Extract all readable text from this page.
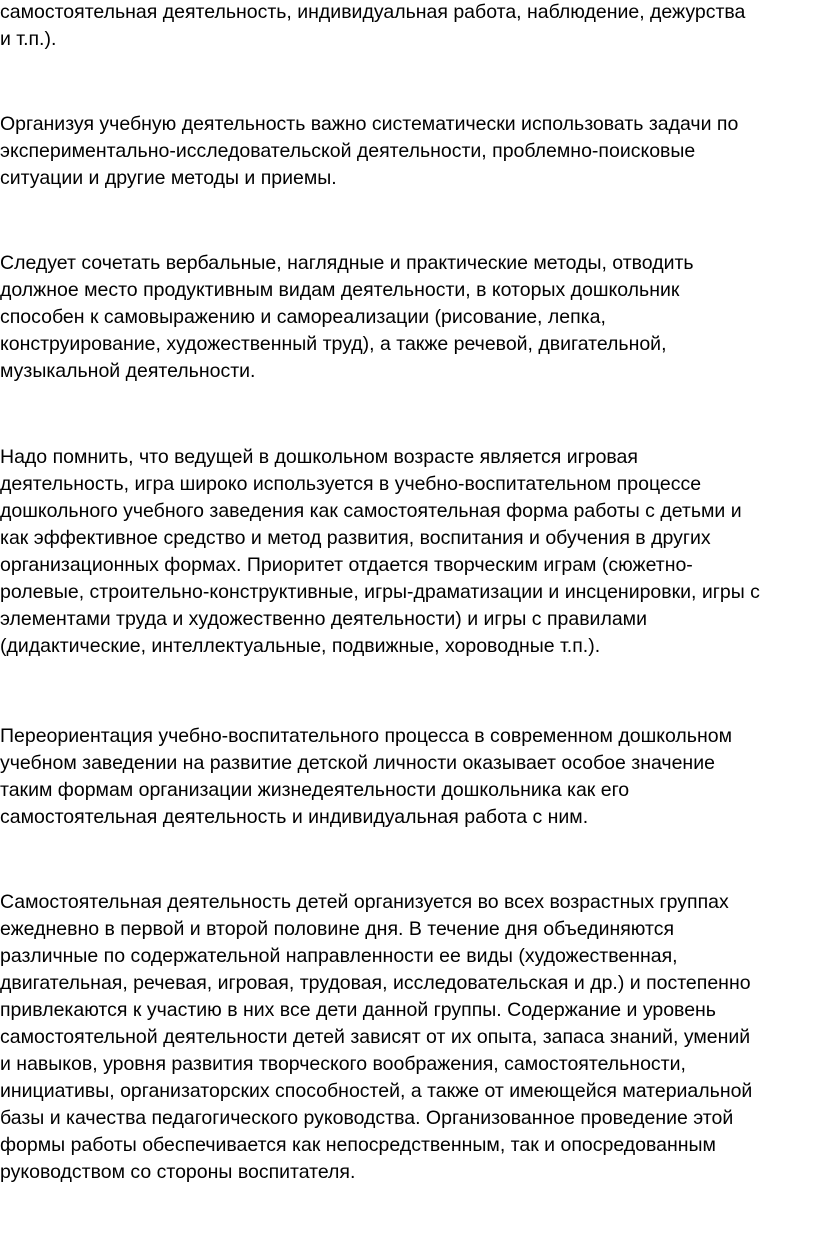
самостоятельная деятельность, индивидуальная работа, наблюдение, дежурства
и т.п.).
Организуя учебную деятельность важно систематически использовать задачи по
экспериментально-исследовательской деятельности, проблемно-поисковые
ситуации и другие методы и приемы.
Следует сочетать вербальные, наглядные и практические методы, отводить
должное место продуктивным видам деятельности, в которых дошкольник
способен к самовыражению и самореализации (рисование, лепка,
конструирование, художественный труд), а также речевой, двигательной,
музыкальной деятельности.
Надо помнить, что ведущей в дошкольном возрасте является игровая
деятельность, игра широко используется в учебно-воспитательном процессе
дошкольного учебного заведения как самостоятельная форма работы с детьми и
как эффективное средство и метод развития, воспитания и обучения в других
организационных формах. Приоритет отдается творческим играм (сюжетно-
ролевые, строительно-конструктивные, игры-драматизации и инсценировки, игры с
элементами труда и художественно деятельности) и игры с правилами
(дидактические, интеллектуальные, подвижные, хороводные т.п.).
Переориентация учебно-воспитательного процесса в современном дошкольном
учебном заведении на развитие детской личности оказывает особое значение
таким формам организации жизнедеятельности дошкольника как его
самостоятельная деятельность и индивидуальная работа с ним.
Самостоятельная деятельность детей организуется во всех возрастных группах
ежедневно в первой и второй половине дня. В течение дня объединяются
различные по содержательной направленности ее виды (художественная,
двигательная, речевая, игровая, трудовая, исследовательская и др.) и постепенно
привлекаются к участию в них все дети данной группы. Содержание и уровень
самостоятельной деятельности детей зависят от их опыта, запаса знаний, умений
и навыков, уровня развития творческого воображения, самостоятельности,
инициативы, организаторских способностей, а также от имеющейся материальной
базы и качества педагогического руководства. Организованное проведение этой
формы работы обеспечивается как непосредственным, так и опосредованным
руководством со стороны воспитателя.
